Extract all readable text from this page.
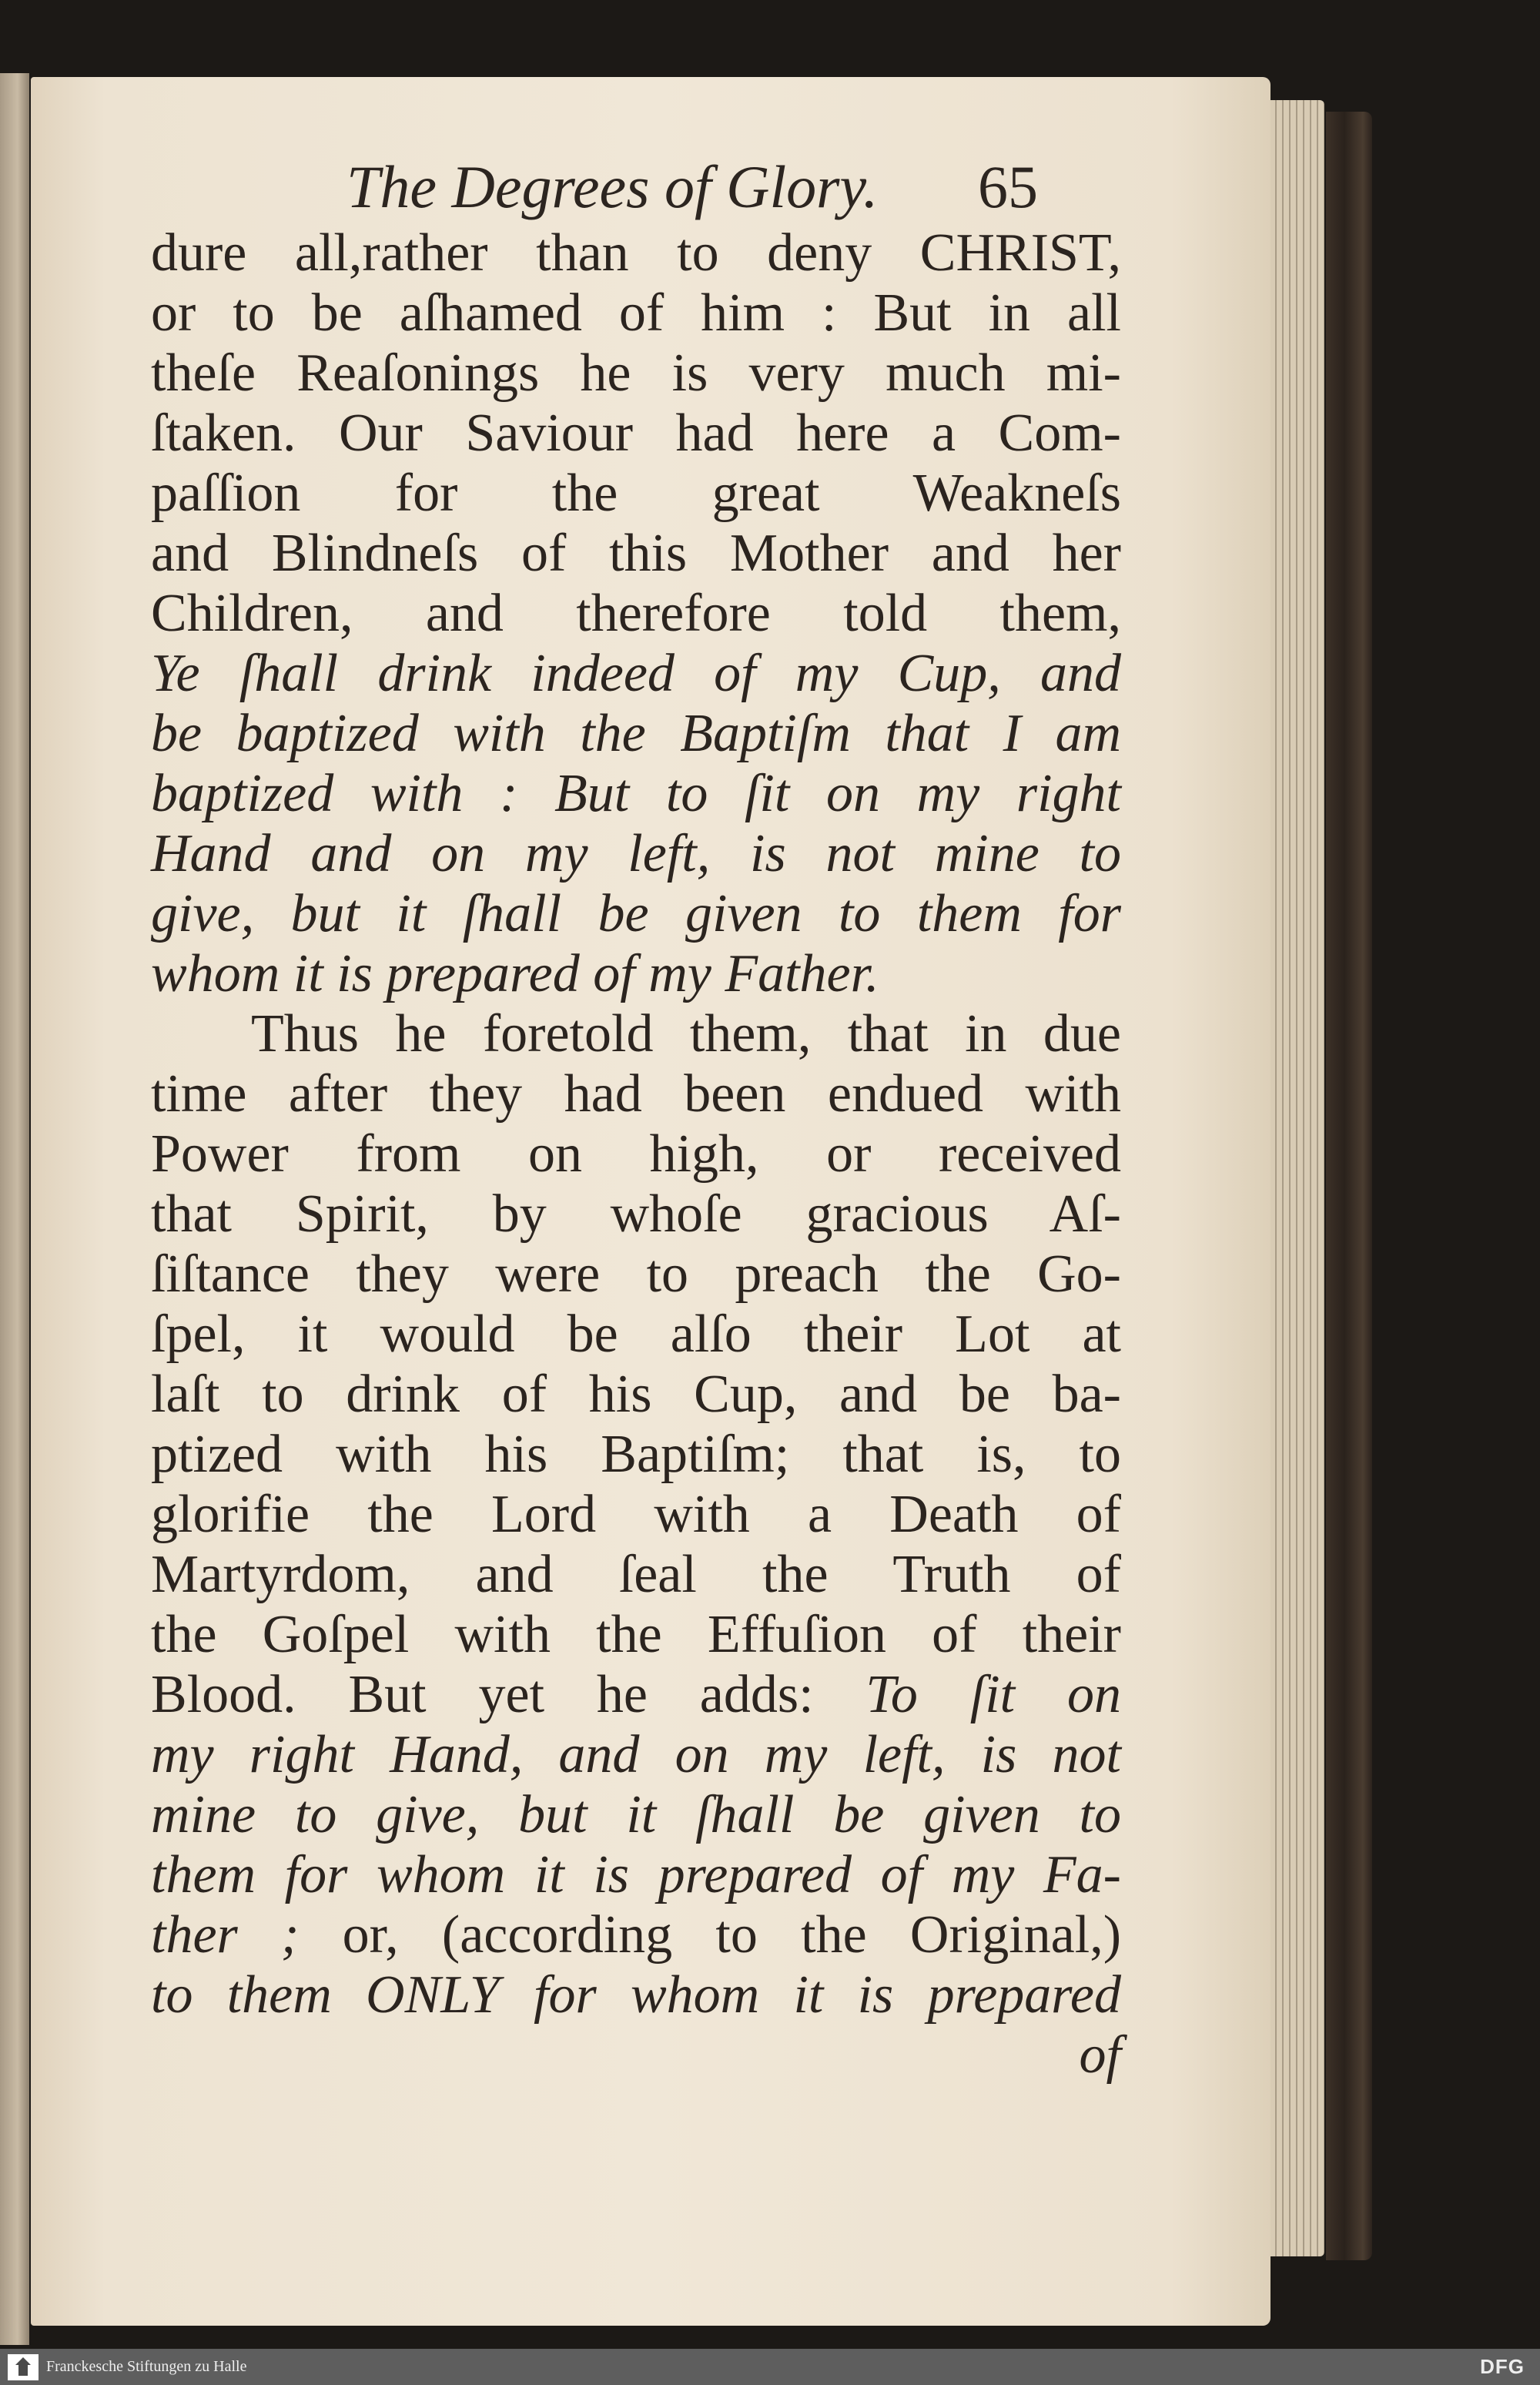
The Degrees of Glory. 65
dure all,rather than to deny CHRIST,
or to be aſhamed of him : But in all
theſe Reaſonings he is very much mi-
ſtaken. Our Saviour had here a Com-
paſſion for the great Weakneſs
and Blindneſs of this Mother and her
Children, and therefore told them,
Ye ſhall drink indeed of my Cup, and
be baptized with the Baptiſm that I am
baptized with : But to ſit on my right
Hand and on my left, is not mine to
give, but it ſhall be given to them for
whom it is prepared of my Father.
Thus he foretold them, that in due
time after they had been endued with
Power from on high, or received
that Spirit, by whoſe gracious Aſ-
ſiſtance they were to preach the Go-
ſpel, it would be alſo their Lot at
laſt to drink of his Cup, and be ba-
ptized with his Baptiſm; that is, to
glorifie the Lord with a Death of
Martyrdom, and ſeal the Truth of
the Goſpel with the Effuſion of their
Blood. But yet he adds: To ſit on
my right Hand, and on my left, is not
mine to give, but it ſhall be given to
them for whom it is prepared of my Fa-
ther ; or, (according to the Original,)
to them ONLY for whom it is prepared
of
Franckesche Stiftungen zu Halle	DFG
